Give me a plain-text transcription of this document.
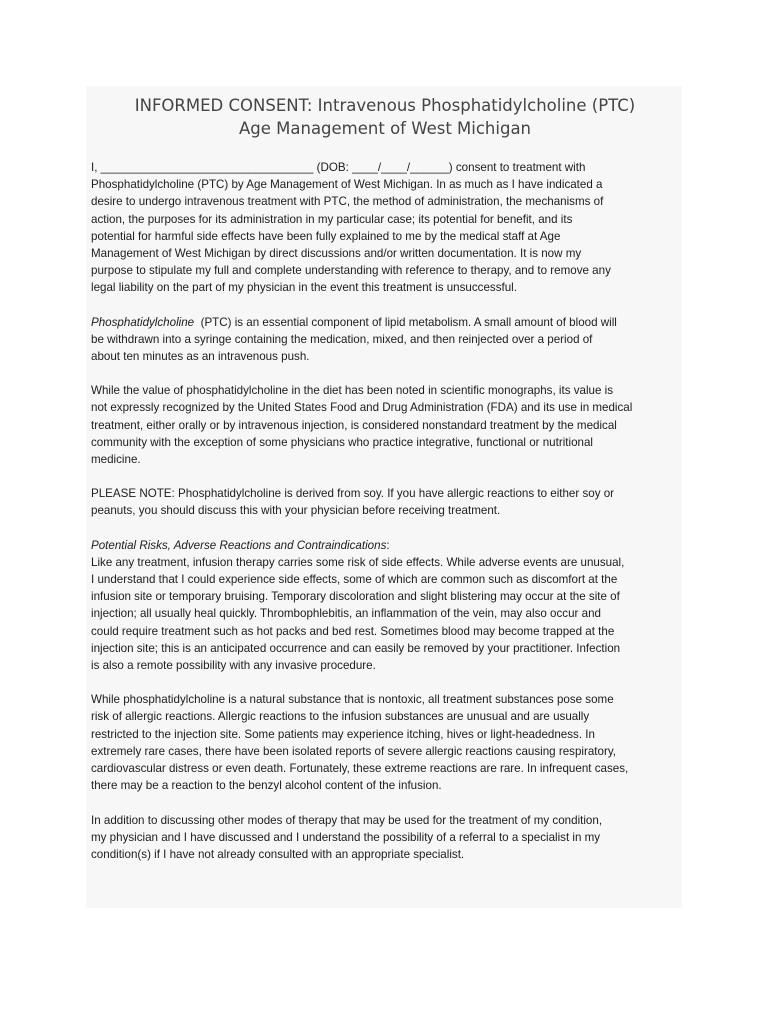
INFORMED CONSENT: Intravenous Phosphatidylcholine (PTC)
Age Management of West Michigan

I, _________________________________ (DOB: ____/____/______) consent to treatment with
Phosphatidylcholine (PTC) by Age Management of West Michigan. In as much as I have indicated a
desire to undergo intravenous treatment with PTC, the method of administration, the mechanisms of
action, the purposes for its administration in my particular case; its potential for benefit, and its
potential for harmful side effects have been fully explained to me by the medical staff at Age
Management of West Michigan by direct discussions and/or written documentation. It is now my
purpose to stipulate my full and complete understanding with reference to therapy, and to remove any
legal liability on the part of my physician in the event this treatment is unsuccessful.

Phosphatidylcholine  (PTC) is an essential component of lipid metabolism. A small amount of blood will
be withdrawn into a syringe containing the medication, mixed, and then reinjected over a period of
about ten minutes as an intravenous push.

While the value of phosphatidylcholine in the diet has been noted in scientific monographs, its value is
not expressly recognized by the United States Food and Drug Administration (FDA) and its use in medical
treatment, either orally or by intravenous injection, is considered nonstandard treatment by the medical
community with the exception of some physicians who practice integrative, functional or nutritional
medicine.

PLEASE NOTE: Phosphatidylcholine is derived from soy. If you have allergic reactions to either soy or
peanuts, you should discuss this with your physician before receiving treatment.

Potential Risks, Adverse Reactions and Contraindications:
Like any treatment, infusion therapy carries some risk of side effects. While adverse events are unusual,
I understand that I could experience side effects, some of which are common such as discomfort at the
infusion site or temporary bruising. Temporary discoloration and slight blistering may occur at the site of
injection; all usually heal quickly. Thrombophlebitis, an inflammation of the vein, may also occur and
could require treatment such as hot packs and bed rest. Sometimes blood may become trapped at the
injection site; this is an anticipated occurrence and can easily be removed by your practitioner. Infection
is also a remote possibility with any invasive procedure.

While phosphatidylcholine is a natural substance that is nontoxic, all treatment substances pose some
risk of allergic reactions. Allergic reactions to the infusion substances are unusual and are usually
restricted to the injection site. Some patients may experience itching, hives or light-headedness. In
extremely rare cases, there have been isolated reports of severe allergic reactions causing respiratory,
cardiovascular distress or even death. Fortunately, these extreme reactions are rare. In infrequent cases,
there may be a reaction to the benzyl alcohol content of the infusion.

In addition to discussing other modes of therapy that may be used for the treatment of my condition,
my physician and I have discussed and I understand the possibility of a referral to a specialist in my
condition(s) if I have not already consulted with an appropriate specialist.
